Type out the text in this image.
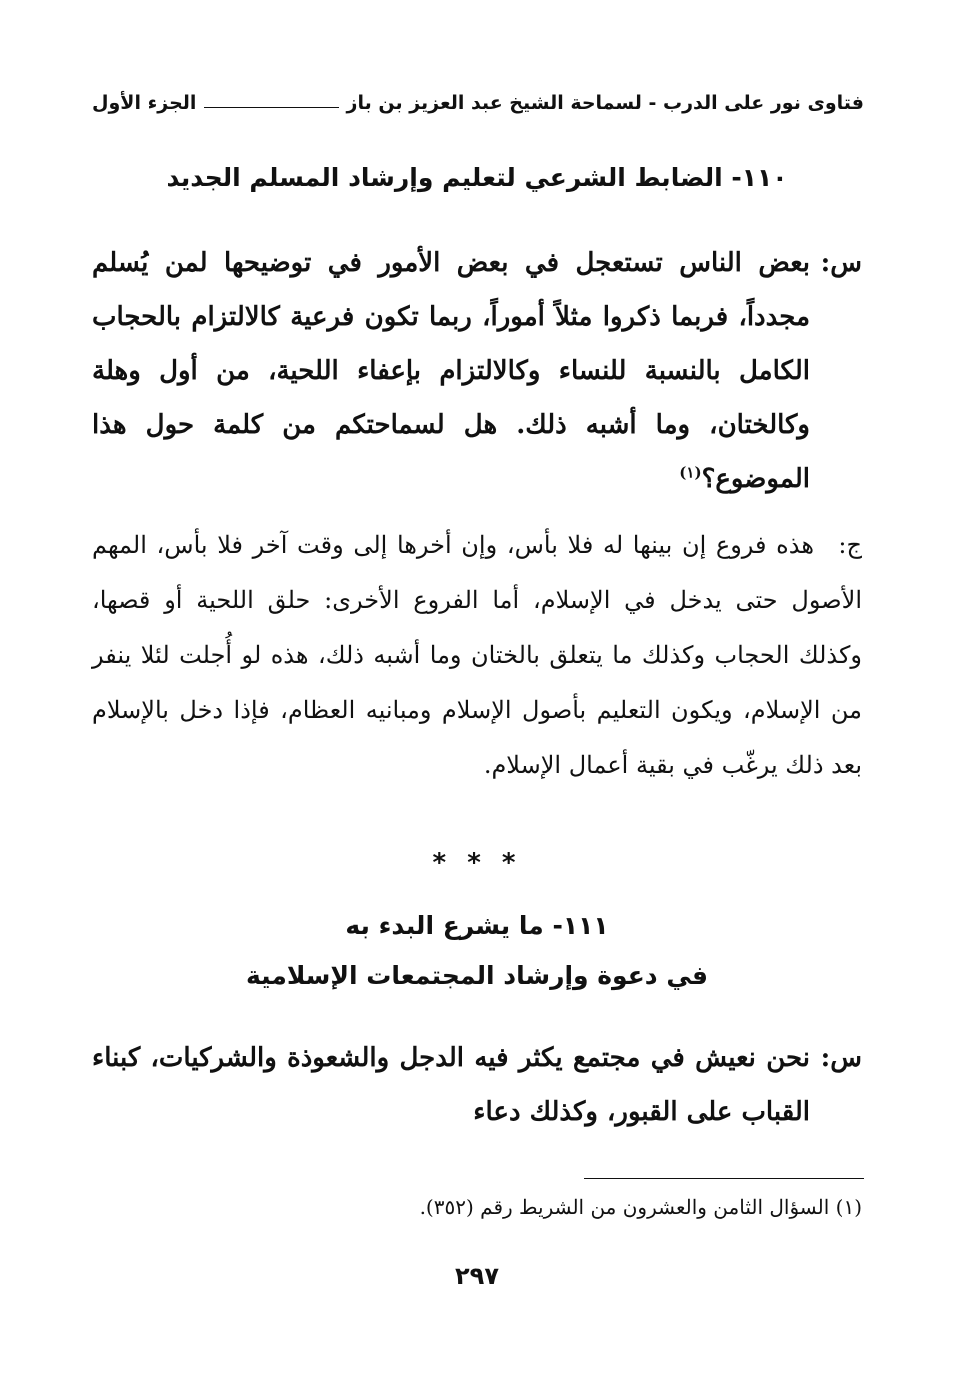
فتاوى نور على الدرب - لسماحة الشيخ عبد العزيز بن باز
الجزء الأول
١١٠- الضابط الشرعي لتعليم وإرشاد المسلم الجديد
س:
بعض الناس تستعجل في بعض الأمور في توضيحها لمن يُسلم مجدداً، فربما ذكروا مثلاً أموراً، ربما تكون فرعية كالالتزام بالحجاب الكامل بالنسبة للنساء وكالالتزام بإعفاء اللحية، من أول وهلة وكالختان، وما أشبه ذلك. هل لسماحتكم من كلمة حول هذا الموضوع؟$^{(١)}$
ج:
هذه فروع إن بينها له فلا بأس، وإن أخرها إلى وقت آخر فلا بأس، المهم الأصول حتى يدخل في الإسلام، أما الفروع الأخرى: حلق اللحية أو قصها، وكذلك الحجاب وكذلك ما يتعلق بالختان وما أشبه ذلك، هذه لو أُجلت لئلا ينفر من الإسلام، ويكون التعليم بأصول الإسلام ومبانيه العظام، فإذا دخل بالإسلام بعد ذلك يرغّب في بقية أعمال الإسلام.
* * *
١١١- ما يشرع البدء به
في دعوة وإرشاد المجتمعات الإسلامية
س:
نحن نعيش في مجتمع يكثر فيه الدجل والشعوذة والشركيات، كبناء القباب على القبور، وكذلك دعاء
(١) السؤال الثامن والعشرون من الشريط رقم (٣٥٢).
٢٩٧
